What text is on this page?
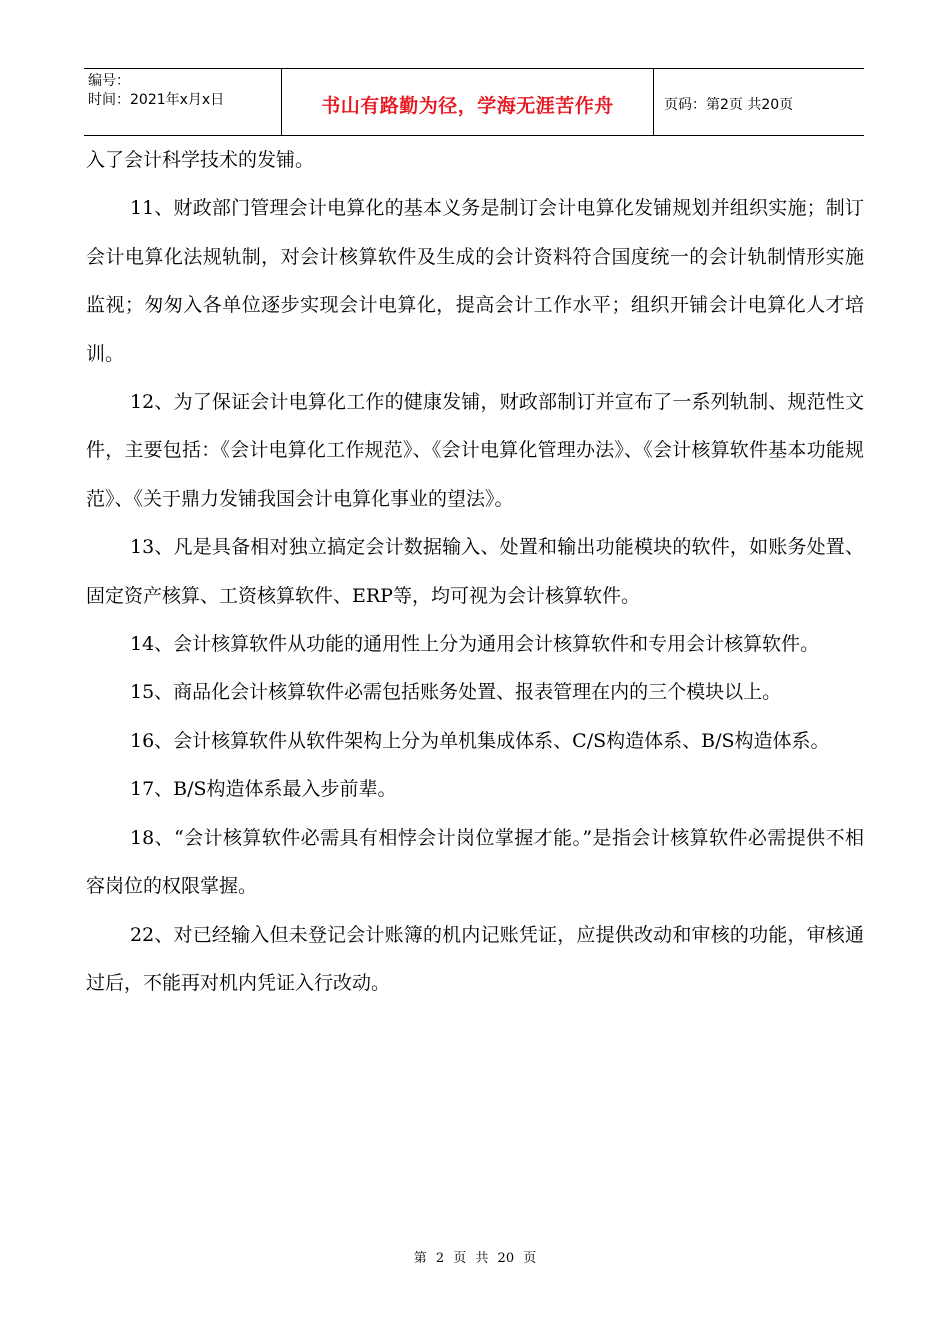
编号：
时间：2021年x月x日	书山有路勤为径，学海无涯苦作舟	页码：第2页 共20页

入了会计科学技术的发铺。

11、财政部门管理会计电算化的基本义务是制订会计电算化发铺规划并组织实施；制订会计电算化法规轨制，对会计核算软件及生成的会计资料符合国度统一的会计轨制情形实施监视；匆匆入各单位逐步实现会计电算化，提高会计工作水平；组织开铺会计电算化人才培训。

12、为了保证会计电算化工作的健康发铺，财政部制订并宣布了一系列轨制、规范性文件，主要包括：《会计电算化工作规范》、《会计电算化管理办法》、《会计核算软件基本功能规范》、《关于鼎力发铺我国会计电算化事业的望法》。

13、凡是具备相对独立搞定会计数据输入、处置和输出功能模块的软件，如账务处置、固定资产核算、工资核算软件、ERP等，均可视为会计核算软件。

14、会计核算软件从功能的通用性上分为通用会计核算软件和专用会计核算软件。

15、商品化会计核算软件必需包括账务处置、报表管理在内的三个模块以上。

16、会计核算软件从软件架构上分为单机集成体系、C/S构造体系、B/S构造体系。

17、B/S构造体系最入步前辈。

18、“会计核算软件必需具有相悖会计岗位掌握才能。”是指会计核算软件必需提供不相容岗位的权限掌握。

22、对已经输入但未登记会计账簿的机内记账凭证，应提供改动和审核的功能，审核通过后，不能再对机内凭证入行改动。

第 2 页 共 20 页
